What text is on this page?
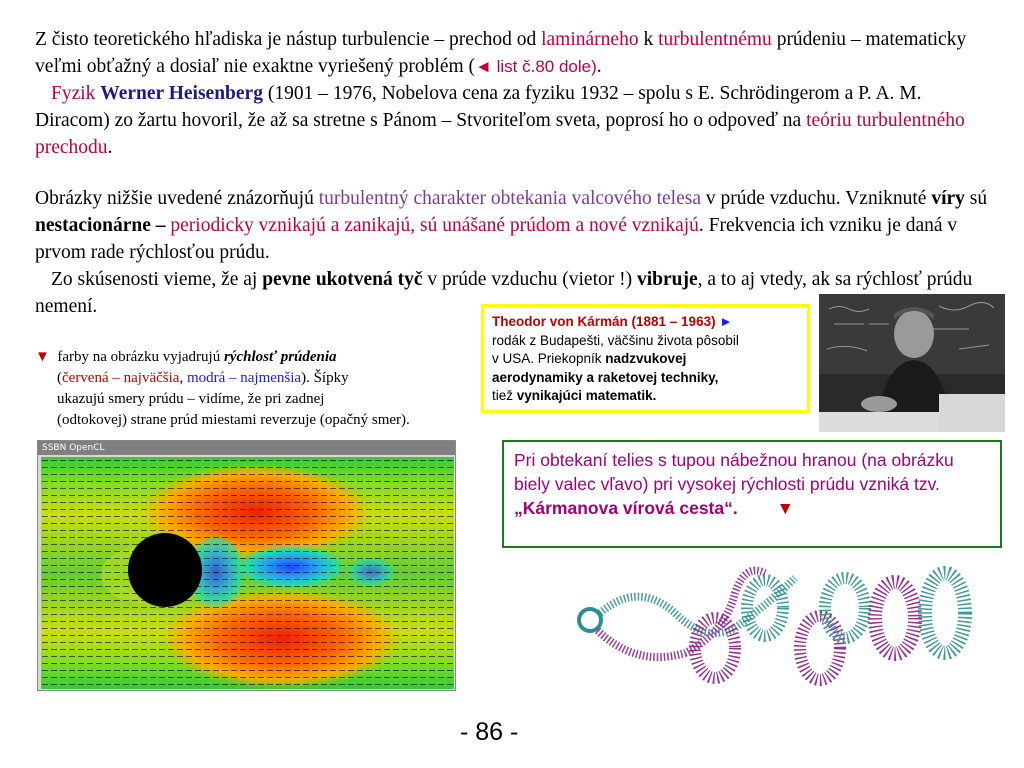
Z čisto teoretického hľadiska je nástup turbulencie – prechod od laminárneho k turbulentnému prúdeniu – matematicky veľmi obťažný a dosiaľ nie exaktne vyriešený problém (◄ list č.80 dole).
Fyzik Werner Heisenberg (1901 – 1976, Nobelova cena za fyziku 1932 – spolu s E. Schrödingerom a P. A. M. Diracom) zo žartu hovoril, že až sa stretne s Pánom – Stvoriteľom sveta, poprosí ho o odpoveď na teóriu turbulentného prechodu.
Obrázky nižšie uvedené znázorňujú turbulentný charakter obtekania valcového telesa v prúde vzduchu. Vzniknuté víry sú nestacionárne – periodicky vznikajú a zanikajú, sú unášané prúdom a nové vznikajú. Frekvencia ich vzniku je daná v prvom rade rýchlosťou prúdu.
Zo skúsenosti vieme, že aj pevne ukotvená tyč v prúde vzduchu (vietor !) vibruje, a to aj vtedy, ak sa rýchlosť prúdu nemení.
▼ farby na obrázku vyjadrujú rýchlosť prúdenia
(červená – najväčšia, modrá – najmenšia). Šípky
ukazujú smery prúdu – vidíme, že pri zadnej
(odtokovej) strane prúd miestami reverzuje (opačný smer).
Theodor von Kármán (1881 – 1963) ►
rodák z Budapešti, väčšinu života pôsobil
v USA. Priekopník nadzvukovej
aerodynamiky a raketovej techniky,
tiež vynikajúci matematik.
Pri obtekaní telies s tupou nábežnou hranou (na obrázku biely valec vľavo) pri vysokej rýchlosti prúdu vzniká tzv. „Kármanova vírová cesta“. ▼
SSBN OpenCL
- 86 -
